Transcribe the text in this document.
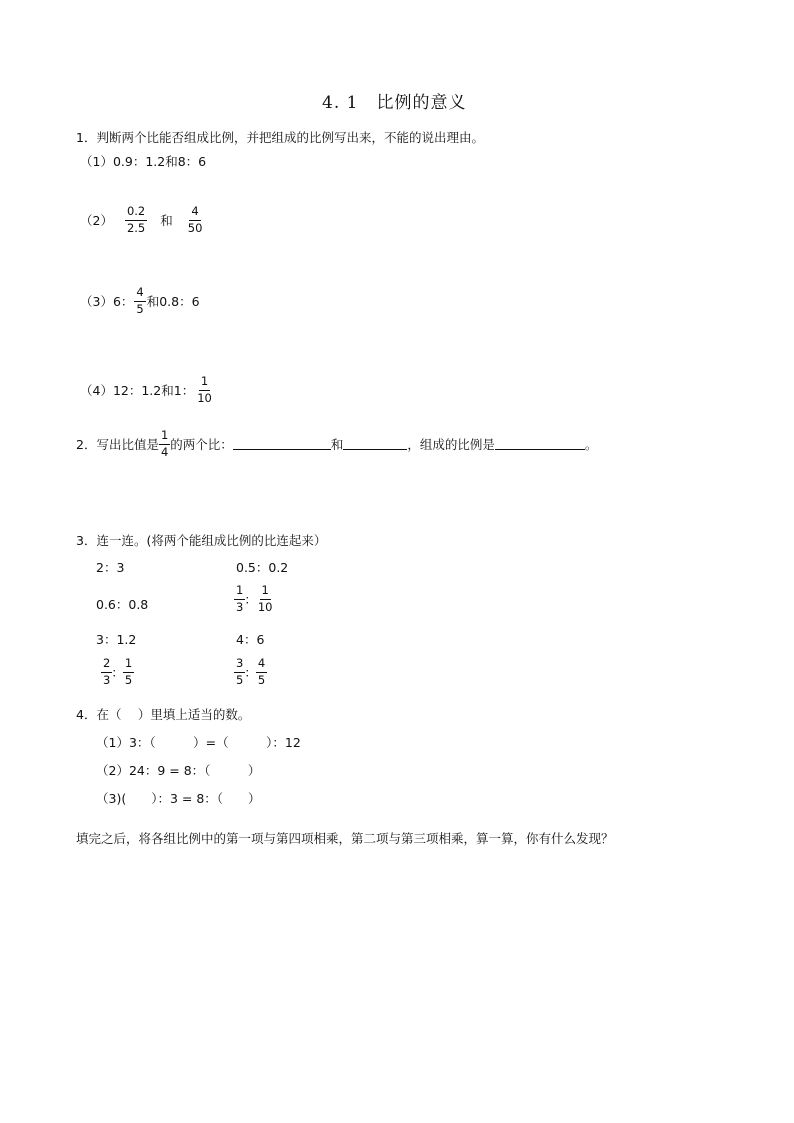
4. 1　比例的意义
1．判断两个比能否组成比例，并把组成的比例写出来，不能的说出理由。
（1）0.9：1.2和8：6
$(2) \frac{0.2}{2.5}$ 和 $\frac{4}{50}$
（3）6： $\frac{4}{5}$ 和0.8：6
（4）12：1.2和1： $\frac{1}{10}$
2．写出比值是 $\frac{1}{4}$ 的两个比：	和	，组成的比例是	。
3．连一连。(将两个能组成比例的比连起来）
2：3
0.6：0.8
3：1.2
$\frac{2}{3}$ ： $\frac{1}{5}$
0.5：0.2
$\frac{1}{3}$ ： $\frac{1}{10}$
4：6
$\frac{3}{5}$ ： $\frac{4}{5}$
4．在（　 ）里填上适当的数。
（1）3：（　　　）=（　　　）：12
（2）24：9 = 8：（　　　）
（3)(　　）：3 = 8：（　　）
填完之后，将各组比例中的第一项与第四项相乘，第二项与第三项相乘，算一算，你有什么发现？
